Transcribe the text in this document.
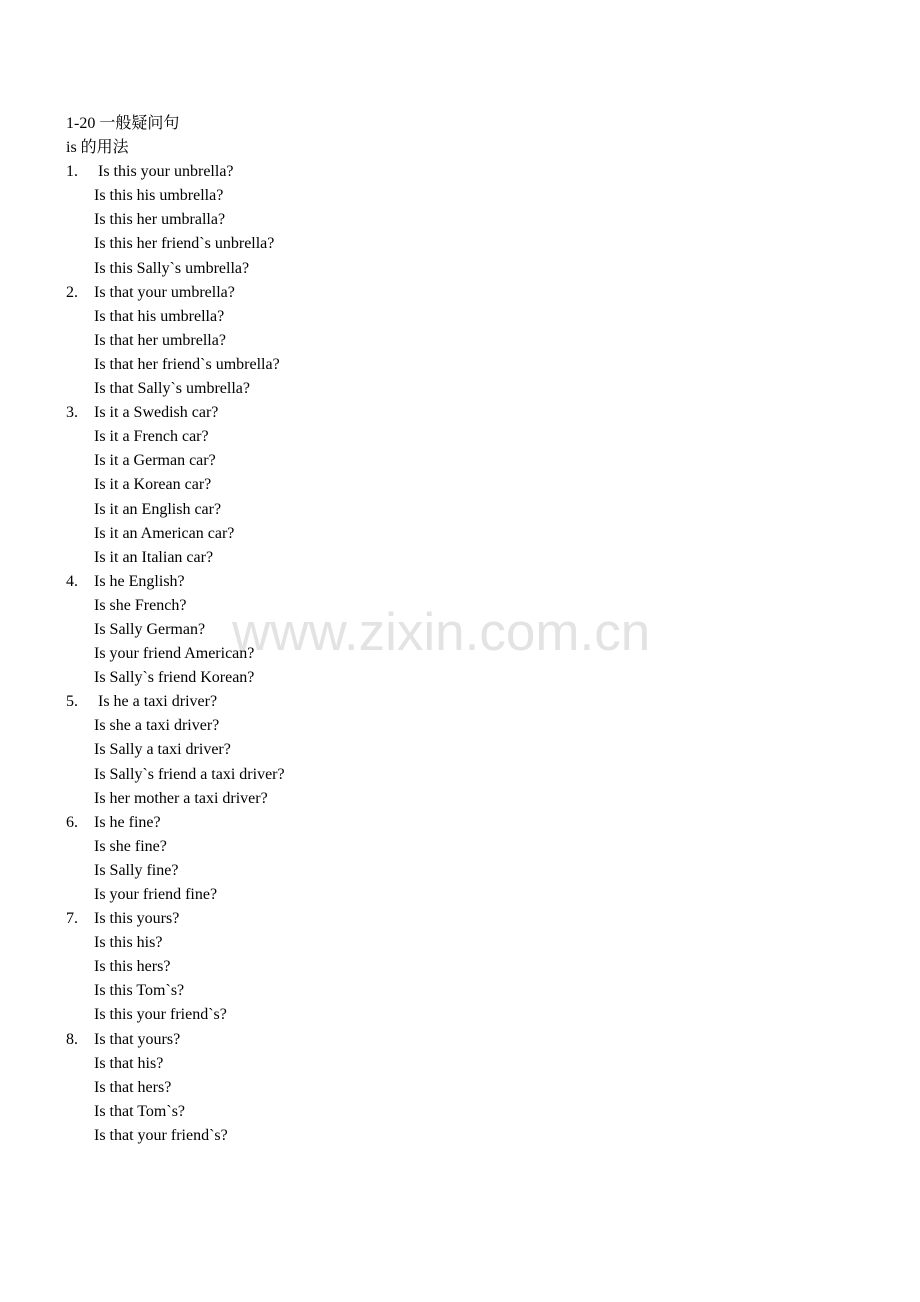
1-20 一般疑问句
is 的用法
1.	Is this your unbrella?
Is this his umbrella?
Is this her umbralla?
Is this her friend`s unbrella?
Is this Sally`s umbrella?
2.	Is that your umbrella?
Is that his umbrella?
Is that her umbrella?
Is that her friend`s umbrella?
Is that Sally`s umbrella?
3.	Is it a Swedish car?
Is it a French car?
Is it a German car?
Is it a Korean car?
Is it an English car?
Is it an American car?
Is it an Italian car?
4.	Is he English?
Is she French?
Is Sally German?
Is your friend American?
Is Sally`s friend Korean?
5.	Is he a taxi driver?
Is she a taxi driver?
Is Sally a taxi driver?
Is Sally`s friend a taxi driver?
Is her mother a taxi driver?
6.	Is he fine?
Is she fine?
Is Sally fine?
Is your friend fine?
7.	Is this yours?
Is this his?
Is this hers?
Is this Tom`s?
Is this your friend`s?
8.	Is that yours?
Is that his?
Is that hers?
Is that Tom`s?
Is that your friend`s?
www.zixin.com.cn
